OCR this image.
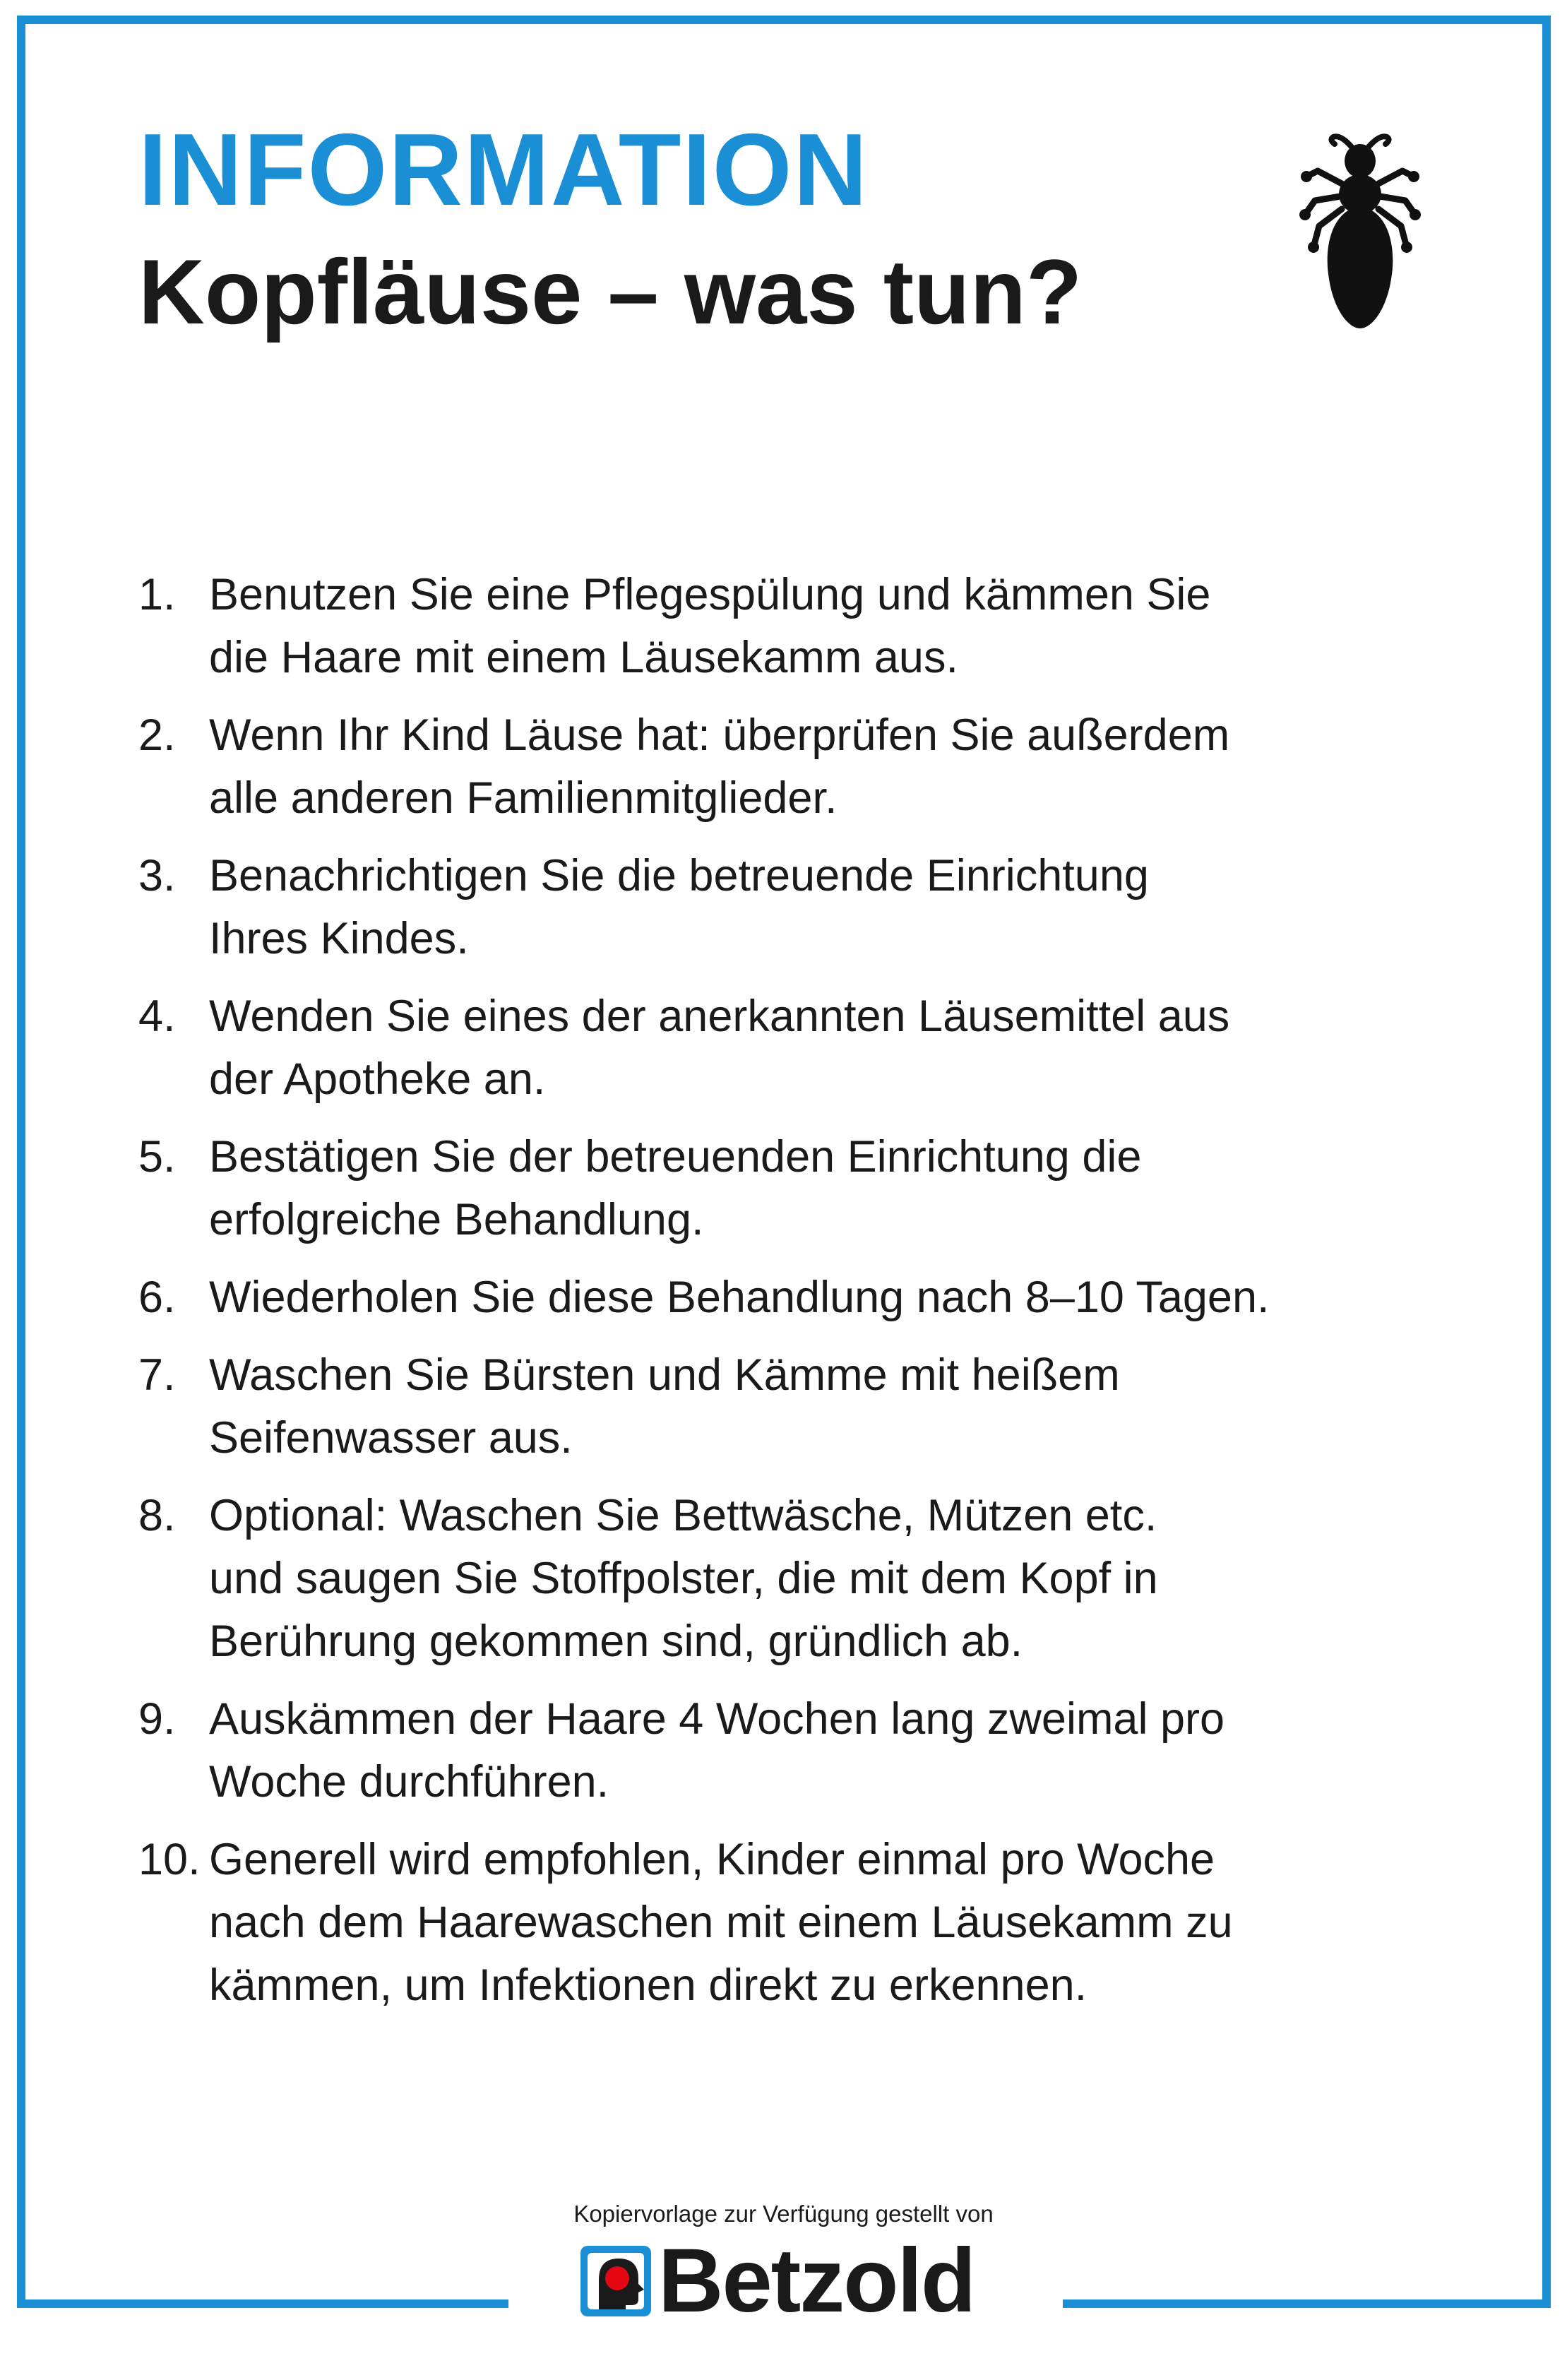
INFORMATION
Kopfläuse – was tun?
1. Benutzen Sie eine Pflegespülung und kämmen Sie
die Haare mit einem Läusekamm aus.
2. Wenn Ihr Kind Läuse hat: überprüfen Sie außerdem
alle anderen Familienmitglieder.
3. Benachrichtigen Sie die betreuende Einrichtung
Ihres Kindes.
4. Wenden Sie eines der anerkannten Läusemittel aus
der Apotheke an.
5. Bestätigen Sie der betreuenden Einrichtung die
erfolgreiche Behandlung.
6. Wiederholen Sie diese Behandlung nach 8–10 Tagen.
7. Waschen Sie Bürsten und Kämme mit heißem
Seifenwasser aus.
8. Optional: Waschen Sie Bettwäsche, Mützen etc.
und saugen Sie Stoffpolster, die mit dem Kopf in
Berührung gekommen sind, gründlich ab.
9. Auskämmen der Haare 4 Wochen lang zweimal pro
Woche durchführen.
10. Generell wird empfohlen, Kinder einmal pro Woche
nach dem Haarewaschen mit einem Läusekamm zu
kämmen, um Infektionen direkt zu erkennen.
Kopiervorlage zur Verfügung gestellt von
Betzold
